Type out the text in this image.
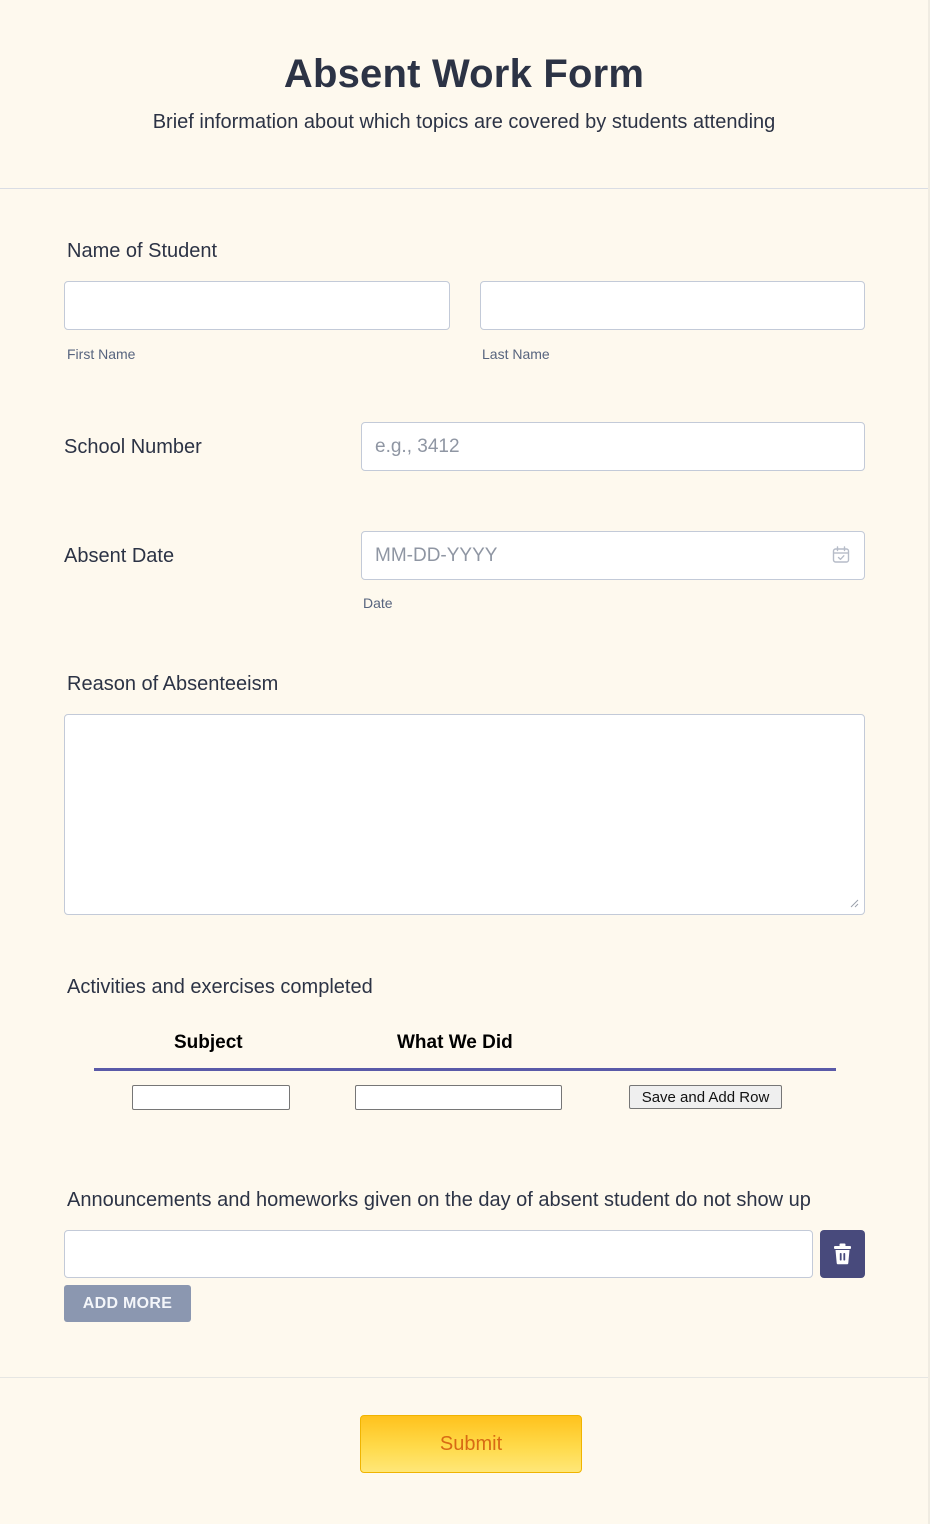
Absent Work Form
Brief information about which topics are covered by students attending
Name of Student
First Name	Last Name
School Number
e.g., 3412
Absent Date
MM-DD-YYYY
Date
Reason of Absenteeism
Activities and exercises completed
Subject	What We Did
Save and Add Row
Announcements and homeworks given on the day of absent student do not show up
ADD MORE
Submit
